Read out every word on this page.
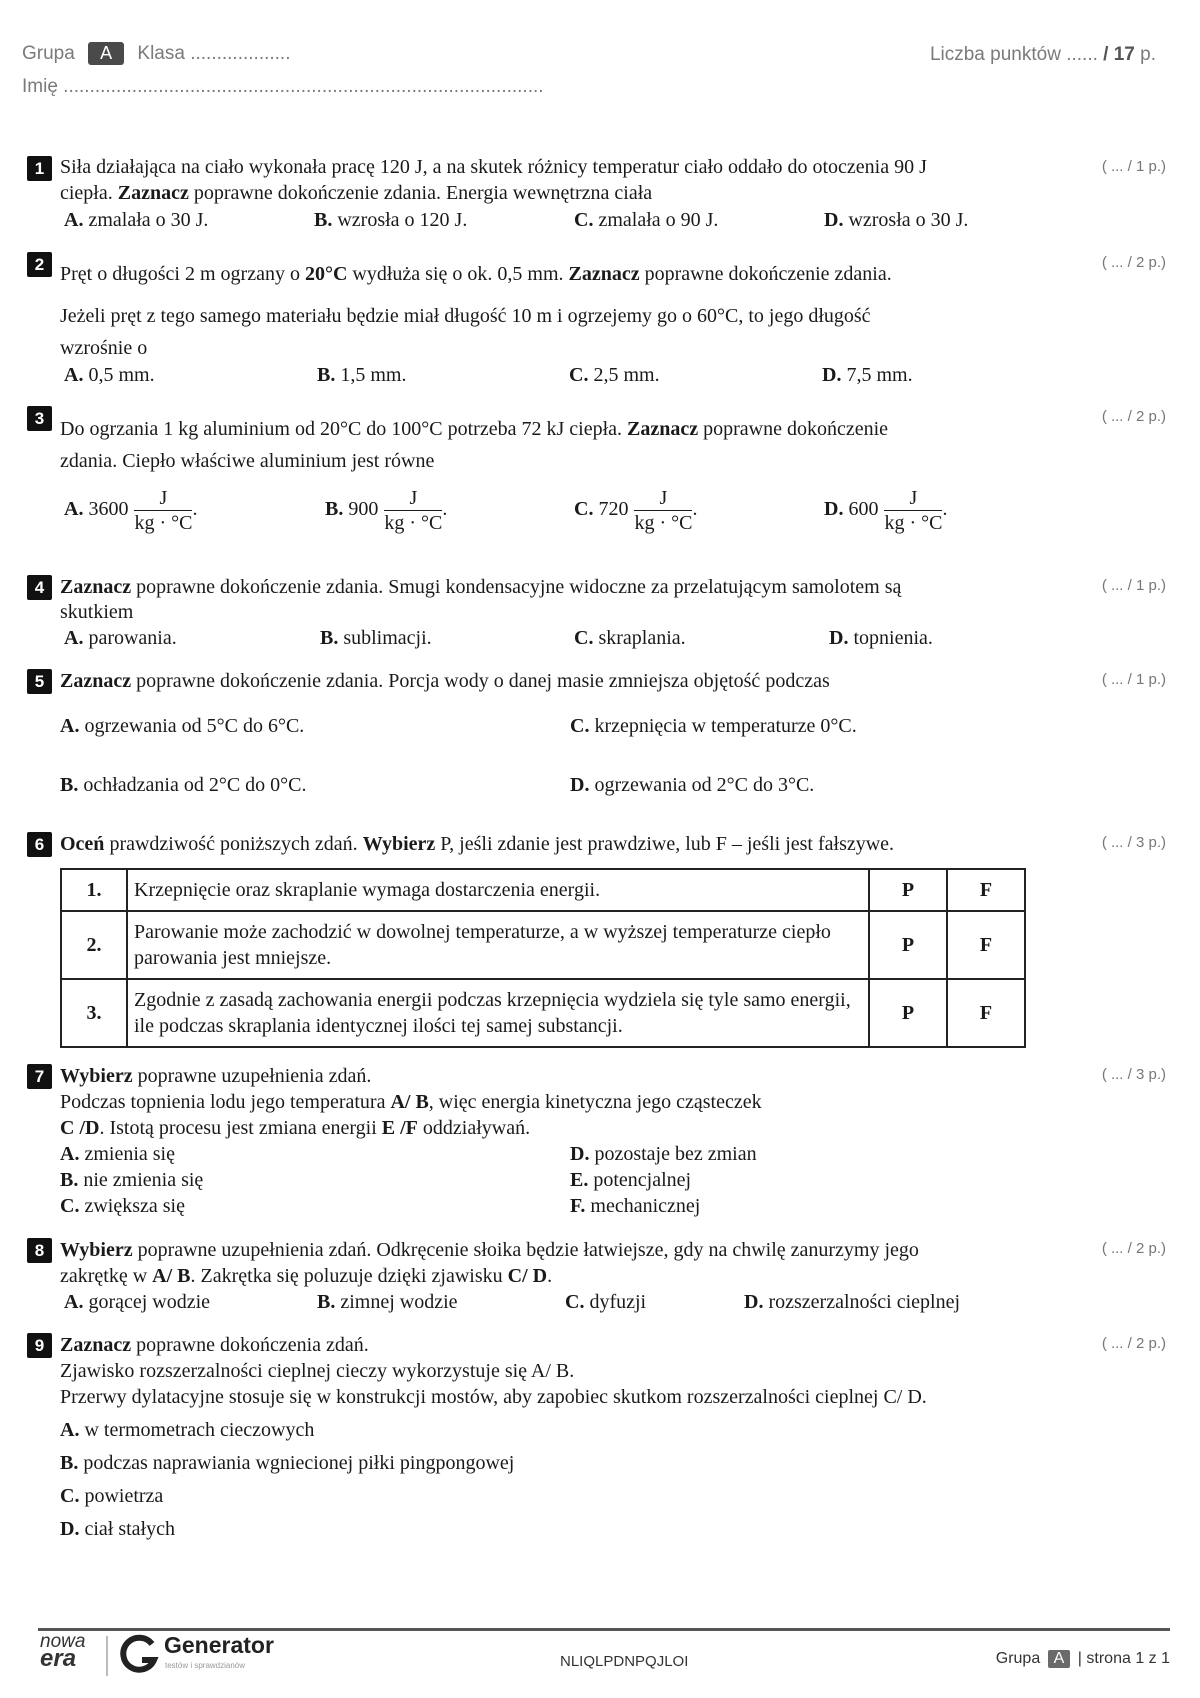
Grupa A Klasa ...................	Liczba punktów ...... / 17 p.
Imię ...........................................................................................
1	( ... / 1 p.)
Siła działająca na ciało wykonała pracę 120 J, a na skutek różnicy temperatur ciało oddało do otoczenia 90 J
ciepła. Zaznacz poprawne dokończenie zdania. Energia wewnętrzna ciała
A. zmalała o 30 J.	B. wzrosła o 120 J.	C. zmalała o 90 J.	D. wzrosła o 30 J.
2	( ... / 2 p.)
Pręt o długości 2 m ogrzany o 20°C wydłuża się o ok. 0,5 mm. Zaznacz poprawne dokończenie zdania.
Jeżeli pręt z tego samego materiału będzie miał długość 10 m i ogrzejemy go o 60°C, to jego długość
wzrośnie o
A. 0,5 mm.	B. 1,5 mm.	C. 2,5 mm.	D. 7,5 mm.
3	( ... / 2 p.)
Do ogrzania 1 kg aluminium od 20°C do 100°C potrzeba 72 kJ ciepła. Zaznacz poprawne dokończenie
zdania. Ciepło właściwe aluminium jest równe
A. $3600 \frac{J}{kg \cdot ^\circ C}$ .	B. $900 \frac{J}{kg \cdot ^\circ C}$ .	C. $720 \frac{J}{kg \cdot ^\circ C}$ .	D. $600 \frac{J}{kg \cdot ^\circ C}$ .
4	( ... / 1 p.)
Zaznacz poprawne dokończenie zdania. Smugi kondensacyjne widoczne za przelatującym samolotem są
skutkiem
A. parowania.	B. sublimacji.	C. skraplania.	D. topnienia.
5	( ... / 1 p.)
Zaznacz poprawne dokończenie zdania. Porcja wody o danej masie zmniejsza objętość podczas
A. ogrzewania od 5°C do 6°C.	C. krzepnięcia w temperaturze 0°C.
B. ochładzania od 2°C do 0°C.	D. ogrzewania od 2°C do 3°C.
6	( ... / 3 p.)
Oceń prawdziwość poniższych zdań. Wybierz P, jeśli zdanie jest prawdziwe, lub F – jeśli jest fałszywe.
1.	Krzepnięcie oraz skraplanie wymaga dostarczenia energii.	P	F
2.	Parowanie może zachodzić w dowolnej temperaturze, a w wyższej temperaturze ciepło parowania jest mniejsze.	P	F
3.	Zgodnie z zasadą zachowania energii podczas krzepnięcia wydziela się tyle samo energii, ile podczas skraplania identycznej ilości tej samej substancji.	P	F
7	( ... / 3 p.)
Wybierz poprawne uzupełnienia zdań.
Podczas topnienia lodu jego temperatura A/ B, więc energia kinetyczna jego cząsteczek
C /D. Istotą procesu jest zmiana energii E /F oddziaływań.
A. zmienia się	D. pozostaje bez zmian
B. nie zmienia się	E. potencjalnej
C. zwiększa się	F. mechanicznej
8	( ... / 2 p.)
Wybierz poprawne uzupełnienia zdań. Odkręcenie słoika będzie łatwiejsze, gdy na chwilę zanurzymy jego
zakrętkę w A/ B. Zakrętka się poluzuje dzięki zjawisku C/ D.
A. gorącej wodzie	B. zimnej wodzie	C. dyfuzji	D. rozszerzalności cieplnej
9	( ... / 2 p.)
Zaznacz poprawne dokończenia zdań.
Zjawisko rozszerzalności cieplnej cieczy wykorzystuje się A/ B.
Przerwy dylatacyjne stosuje się w konstrukcji mostów, aby zapobiec skutkom rozszerzalności cieplnej C/ D.
A. w termometrach cieczowych
B. podczas naprawiania wgniecionej piłki pingpongowej
C. powietrza
D. ciał stałych
nowa
era	Generator
testów i sprawdzianów	NLIQLPDNPQJLOI	Grupa A | strona 1 z 1
